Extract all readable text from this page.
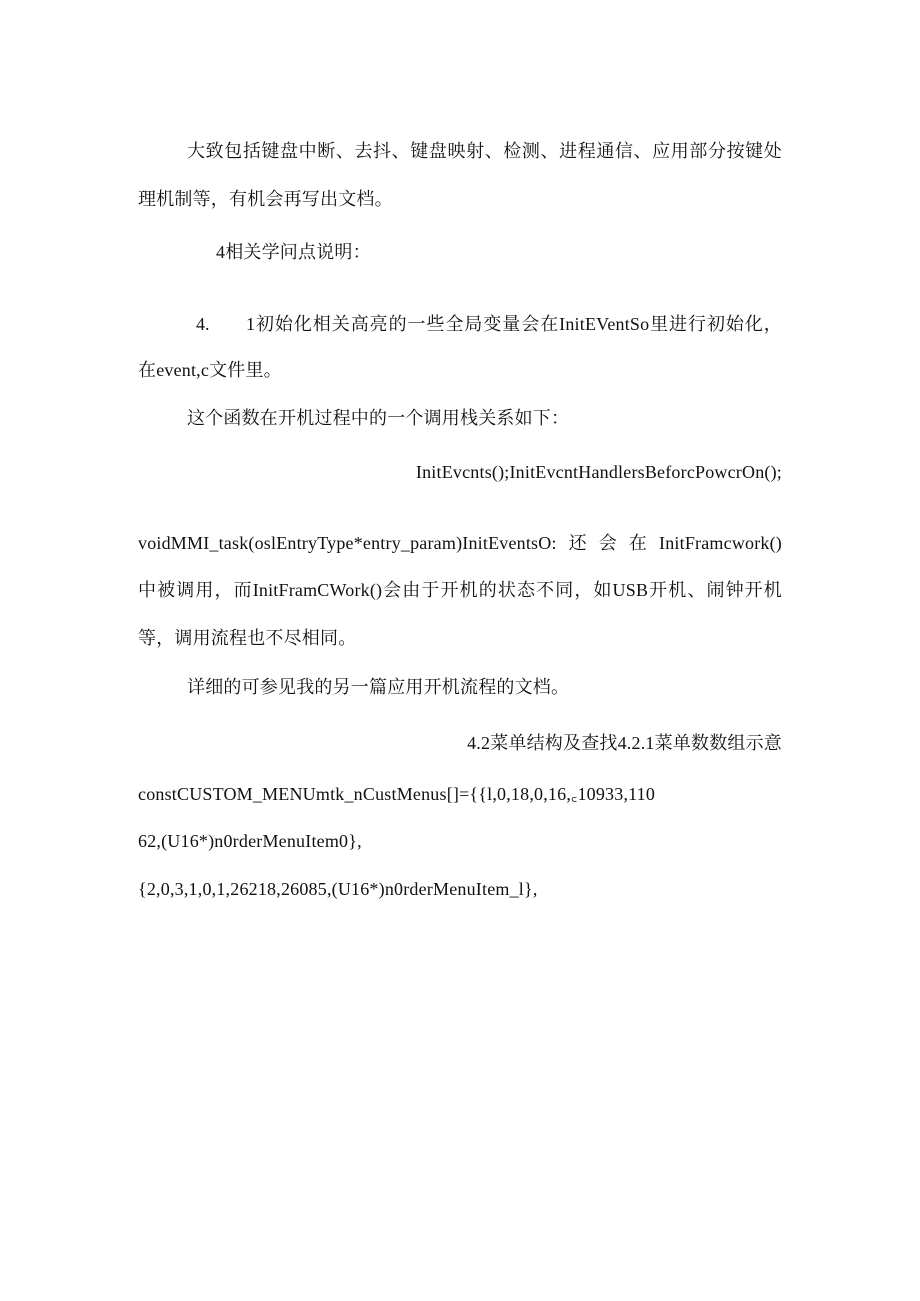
大致包括键盘中断、去抖、键盘映射、检测、进程通信、应用部分按键处
理机制等，有机会再写出文档。
4相关学问点说明：
4. 1初始化相关高亮的一些全局变量会在InitEVentSo里进行初始化，
在event,c文件里。
这个函数在开机过程中的一个调用栈关系如下：
InitEvcnts();InitEvcntHandlersBeforcPowcrOn();
voidMMI_task(oslEntryType*entry_param)InitEventsO:还会在InitFramcwork()
中被调用，而InitFramCWork()会由于开机的状态不同，如USB开机、闹钟开机
等，调用流程也不尽相同。
详细的可参见我的另一篇应用开机流程的文档。
4.2菜单结构及查找4.2.1菜单数数组示意
constCUSTOM_MENUmtk_nCustMenus[]={{l,0,18,0,16,꜀10933,110
62,(U16*)n0rderMenuItem0},
{2,0,3,1,0,1,26218,26085,(U16*)n0rderMenuItem_l},
